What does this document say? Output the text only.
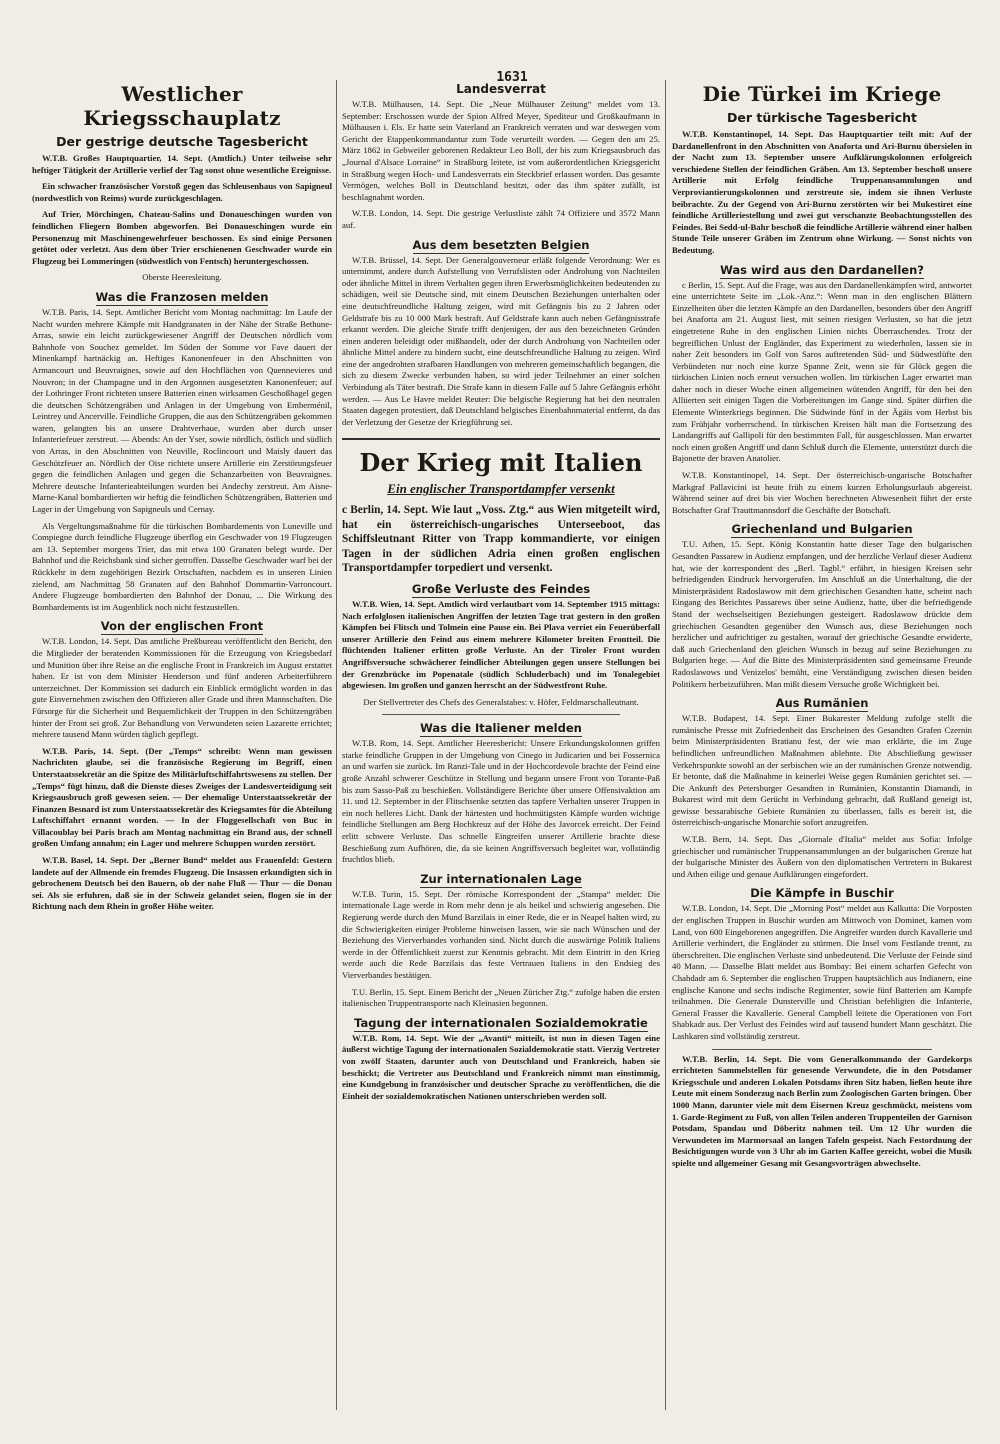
1631
Westlicher Kriegsschauplatz
Der gestrige deutsche Tagesbericht

W.T.B. Großes Hauptquartier, 14. Sept. (Amtlich.) Unter teilweise sehr heftiger Tätigkeit der Artillerie verlief der Tag sonst ohne wesentliche Ereignisse.

Ein schwacher französischer Vorstoß gegen das Schleusenhaus von Sapigneul (nordwestlich von Reims) wurde zurückgeschlagen.

Auf Trier, Mörchingen, Chateau-Salins und Donaueschingen wurden von feindlichen Fliegern Bomben abgeworfen. Bei Donaueschingen wurde ein Personenzug mit Maschinengewehrfeuer beschossen. Es sind einige Personen getötet oder verletzt. Aus dem über Trier erschienenen Geschwader wurde ein Flugzeug bei Lommeringen (südwestlich von Fentsch) heruntergeschossen.

Oberste Heeresleitung.

Was die Franzosen melden

W.T.B. Paris, 14. Sept. Amtlicher Bericht vom Montag nachmittag: Im Laufe der Nacht wurden mehrere Kämpfe mit Handgranaten in der Nähe der Straße Bethune-Arras, sowie ein leicht zurückgewiesener Angriff der Deutschen nördlich vom Bahnhofe von Souchez gemeldet. Im Süden der Somme vor Fave dauert der Minenkampf hartnäckig an. Heftiges Kanonenfeuer in den Abschnitten von Armancourt und Beuvraignes, sowie auf den Hochflächen von Quennevieres und Nouvron; in der Champagne und in den Argonnen ausgesetzten Kanonenfeuer; auf der Lothringer Front richteten unsere Batterien einen wirksamen Geschoßhagel gegen die deutschen Schützengräben und Anlagen in der Umgebung von Emberménil, Leintrey und Ancerville. Feindliche Gruppen, die aus den Schützengräben gekommen waren, gelangten bis an unsere Drahtverhaue, wurden aber durch unser Infanteriefeuer zerstreut. — Abends: An der Yser, sowie nördlich, östlich und südlich von Arras, in den Abschnitten von Neuville, Roclincourt und Maisly dauert das Geschützfeuer an. Nördlich der Oise richtete unsere Artillerie ein Zerstörungsfeuer gegen die feindlichen Anlagen und gegen die Schanzarbeiten von Beuvraignes. Mehrere deutsche Infanterieabteilungen wurden bei Andechy zerstreut. Am Aisne-Marne-Kanal bombardierten wir heftig die feindlichen Schützengräben, Batterien und Lager in der Umgebung von Sapigneuls und Cernay.

Als Vergeltungsmaßnahme für die türkischen Bombardements von Luneville und Compiegne durch feindliche Flugzeuge überflog ein Geschwader von 19 Flugzeugen am 13. September morgens Trier, das mit etwa 100 Granaten belegt wurde. Der Bahnhof und die Reichsbank sind sicher getroffen. Dasselbe Geschwader warf bei der Rückkehr in dem zugehörigen Bezirk Ortschaften, nachdem es in unseren Linien zielend, am Nachmittag 58 Granaten auf den Bahnhof Dommartin-Varroncourt. Andere Flugzeuge bombardierten den Bahnhof der Donau, ... Die Wirkung des Bombardements ist im Augenblick noch nicht festzustellen.

Von der englischen Front

W.T.B. London, 14. Sept. Das amtliche Preßbureau veröffentlicht den Bericht, den die Mitglieder der beratenden Kommissionen für die Erzeugung von Kriegsbedarf und Munition über ihre Reise an die englische Front in Frankreich im August erstattet haben. Er ist von dem Minister Henderson und fünf anderen Arbeiterführern unterzeichnet. Der Kommission sei dadurch ein Einblick ermöglicht worden in das gute Einvernehmen zwischen den Offizieren aller Grade und ihren Mannschaften. Die Fürsorge für die Sicherheit und Bequemlichkeit der Truppen in den Schützengräben hinter der Front sei groß. Zur Behandlung von Verwundeten seien Lazarette errichtet; mehrere tausend Mann würden täglich gepflegt.

W.T.B. Paris, 14. Sept. (Der „Temps“ schreibt: Wenn man gewissen Nachrichten glaube, sei die französische Regierung im Begriff, einen Unterstaatssekretär an die Spitze des Militärluftschiffahrtswesens zu stellen. Der „Temps“ fügt hinzu, daß die Dienste dieses Zweiges der Landesverteidigung seit Kriegsausbruch groß gewesen seien. — Der ehemalige Unterstaatssekretär der Finanzen Besnard ist zum Unterstaatssekretär des Kriegsamtes für die Abteilung Luftschiffahrt ernannt worden. — In der Fluggesellschaft von Buc in Villacoublay bei Paris brach am Montag nachmittag ein Brand aus, der schnell großen Umfang annahm; ein Lager und mehrere Schuppen wurden zerstört.

W.T.B. Basel, 14. Sept. Der „Berner Bund“ meldet aus Frauenfeld: Gestern landete auf der Allmende ein fremdes Flugzeug. Die Insassen erkundigten sich in gebrochenem Deutsch bei den Bauern, ob der nahe Fluß — Thur — die Donau sei. Als sie erfuhren, daß sie in der Schweiz gelandet seien, flogen sie in der Richtung nach dem Rhein in großer Höhe weiter.

Landesverrat

W.T.B. Mülhausen, 14. Sept. Die „Neue Mülhauser Zeitung“ meldet vom 13. September: Erschossen wurde der Spion Alfred Meyer, Spediteur und Großkaufmann in Mülhausen i. Els. Er hatte sein Vaterland an Frankreich verraten und war deswegen vom Gericht der Etappenkommandantur zum Tode verurteilt worden. — Gegen den am 25. März 1862 in Gebweiler geborenen Redakteur Leo Boll, der bis zum Kriegsausbruch das „Journal d'Alsace Lorraine“ in Straßburg leitete, ist vom außerordentlichen Kriegsgericht in Straßburg wegen Hoch- und Landesverrats ein Steckbrief erlassen worden. Das gesamte Vermögen, welches Boll in Deutschland besitzt, oder das ihm später zufällt, ist beschlagnahmt worden.

W.T.B. London, 14. Sept. Die gestrige Verlustliste zählt 74 Offiziere und 3572 Mann auf.

Aus dem besetzten Belgien

W.T.B. Brüssel, 14. Sept. Der Generalgouverneur erläßt folgende Verordnung: Wer es unternimmt, andere durch Aufstellung von Verrufslisten oder Androhung von Nachteilen oder ähnliche Mittel in ihrem Verhalten gegen ihren Erwerbsmöglichkeiten bedeutenden zu schädigen, weil sie Deutsche sind, mit einem Deutschen Beziehungen unterhalten oder eine deutschfreundliche Haltung zeigen, wird mit Gefängnis bis zu 2 Jahren oder Geldstrafe bis zu 10 000 Mark bestraft. Auf Geldstrafe kann auch neben Gefängnisstrafe erkannt werden. Die gleiche Strafe trifft denjenigen, der aus den bezeichneten Gründen einen anderen beleidigt oder mißhandelt, oder der durch Androhung von Nachteilen oder ähnliche Mittel andere zu hindern sucht, eine deutschfreundliche Haltung zu zeigen. Wird eine der angedrohten strafbaren Handlungen von mehreren gemeinschaftlich begangen, die sich zu diesem Zwecke verbunden haben, so wird jeder Teilnehmer an einer solchen Verbindung als Täter bestraft. Die Strafe kann in diesem Falle auf 5 Jahre Gefängnis erhöht werden. — Aus Le Havre meldet Reuter: Die belgische Regierung hat bei den neutralen Staaten dagegen protestiert, daß Deutschland belgisches Eisenbahnmaterial entfernt, da das der Verletzung der Gesetze der Kriegführung sei.

Der Krieg mit Italien
Ein englischer Transportdampfer versenkt
c Berlin, 14. Sept. Wie laut „Voss. Ztg.“ aus Wien mitgeteilt wird, hat ein österreichisch-ungarisches Unterseeboot, das Schiffsleutnant Ritter von Trapp kommandierte, vor einigen Tagen in der südlichen Adria einen großen englischen Transportdampfer torpediert und versenkt.
Große Verluste des Feindes

W.T.B. Wien, 14. Sept. Amtlich wird verlautbart vom 14. September 1915 mittags: Nach erfolglosen italienischen Angriffen der letzten Tage trat gestern in den großen Kämpfen bei Flitsch und Tolmein eine Pause ein. Bei Plava verriet ein Feuerüberfall unserer Artillerie den Feind aus einem mehrere Kilometer breiten Frontteil. Die flüchtenden Italiener erlitten große Verluste. An der Tiroler Front wurden Angriffsversuche schwächerer feindlicher Abteilungen gegen unsere Stellungen bei der Grenzbrücke im Popenatale (südlich Schluderbach) und im Tonalegebiet abgewiesen. Im großen und ganzen herrscht an der Südwestfront Ruhe.

Der Stellvertreter des Chefs des Generalstabes: v. Höfer, Feldmarschalleutnant.

Was die Italiener melden

W.T.B. Rom, 14. Sept. Amtlicher Heeresbericht: Unsere Erkundungskolonnen griffen starke feindliche Gruppen in der Umgebung von Cinego in Judicarien und bei Fossernica an und warfen sie zurück. Im Ranzi-Tale und in der Hochcordevole brachte der Feind eine große Anzahl schwerer Geschütze in Stellung und begann unsere Front von Torante-Paß bis zum Sasso-Paß zu beschießen. Vollständigere Berichte über unsere Offensivaktion am 11. und 12. September in der Flitschsenke setzten das tapfere Verhalten unserer Truppen in ein noch helleres Licht. Dank der härtesten und hochmütigsten Kämpfe wurden wichtige feindliche Stellungen am Berg Hochkreuz auf der Höhe des Javorcek erreicht. Der Feind erlitt schwere Verluste. Das schnelle Eingreifen unserer Artillerie brachte diese Beschießung zum Aufhören, die, da sie keinen Angriffsversuch begleitet war, vollständig fruchtlos blieb.

Zur internationalen Lage

W.T.B. Turin, 15. Sept. Der römische Korrespondent der „Stampa“ meldet: Die internationale Lage werde in Rom mehr denn je als heikel und schwierig angesehen. Die Regierung werde durch den Mund Barzilais in einer Rede, die er in Neapel halten wird, zu die Schwierigkeiten einiger Probleme hinweisen lassen, wie sie nach Wünschen und der Beziehung des Vierverbandes vorhanden sind. Nicht durch die auswärtige Politik Italiens werde in der Öffentlichkeit zuerst zur Kenntnis gebracht. Mit dem Eintritt in den Krieg werde auch die Rede Barzilais das feste Vertrauen Italiens in den Endsieg des Vierverbandes bestätigen.

T.U. Berlin, 15. Sept. Einem Bericht der „Neuen Züricher Ztg.“ zufolge haben die ersten italienischen Truppentransporte nach Kleinasien begonnen.

Tagung der internationalen Sozialdemokratie

W.T.B. Rom, 14. Sept. Wie der „Avanti“ mitteilt, ist nun in diesen Tagen eine äußerst wichtige Tagung der internationalen Sozialdemokratie statt. Vierzig Vertreter von zwölf Staaten, darunter auch von Deutschland und Frankreich, haben sie beschickt; die Vertreter aus Deutschland und Frankreich nimmt man einstimmig, eine Kundgebung in französischer und deutscher Sprache zu veröffentlichen, die die Einheit der sozialdemokratischen Nationen unterschrieben werden soll.

Die Türkei im Kriege
Der türkische Tagesbericht

W.T.B. Konstantinopel, 14. Sept. Das Hauptquartier teilt mit: Auf der Dardanellenfront in den Abschnitten von Anaforta und Ari-Burnu übersielen in der Nacht zum 13. September unsere Aufklärungskolonnen erfolgreich verschiedene Stellen der feindlichen Gräben. Am 13. September beschoß unsere Artillerie mit Erfolg feindliche Truppenansammlungen und Verproviantierungskolonnen und zerstreute sie, indem sie ihnen Verluste beibrachte. Zu der Gegend von Ari-Burnu zerstörten wir bei Mukestiret eine feindliche Artilleriestellung und zwei gut verschanzte Beobachtungsstellen des Feindes. Bei Sedd-ul-Bahr beschoß die feindliche Artillerie während einer halben Stunde Teile unserer Gräben im Zentrum ohne Wirkung. — Sonst nichts von Bedeutung.

Was wird aus den Dardanellen?

c Berlin, 15. Sept. Auf die Frage, was aus den Dardanellenkämpfen wird, antwortet eine unterrichtete Seite im „Lok.-Anz.“: Wenn man in den englischen Blättern Einzelheiten über die letzten Kämpfe an den Dardanellen, besonders über den Angriff bei Anaforta am 21. August liest, mit seinen riesigen Verlusten, so hat die jetzt eingetretene Ruhe in den englischen Linien nichts Überraschendes. Trotz der begreiflichen Unlust der Engländer, das Experiment zu wiederholen, lassen sie in naher Zeit besonders im Golf von Saros auftretenden Süd- und Südwestlüfte den Verbündeten nur noch eine kurze Spanne Zeit, wenn sie für Glück gegen die türkischen Linien noch erneut versuchen wollen. Im türkischen Lager erwartet man daher noch in dieser Woche einen allgemeinen wütenden Angriff, für den bei den Alliierten seit einigen Tagen die Vorbereitungen im Gange sind. Später dürften die Elemente Winterkriegs beginnen. Die Südwinde fünf in der Ägäis vom Herbst bis zum Frühjahr vorherrschend. In türkischen Kreisen hält man die Fortsetzung des Landangriffs auf Gallipoli für den bestimmten Fall, für ausgeschlossen. Man erwartet noch einen großen Angriff und dann Schluß durch die Elemente, unterstützt durch die Bajonette der braven Anatolier.

W.T.B. Konstantinopel, 14. Sept. Der österreichisch-ungarische Botschafter Markgraf Pallavicini ist heute früh zu einem kurzen Erholungsurlaub abgereist. Während seiner auf drei bis vier Wochen berechneten Abwesenheit führt der erste Botschafter Graf Trauttmannsdorf die Geschäfte der Botschaft.

Griechenland und Bulgarien

T.U. Athen, 15. Sept. König Konstantin hatte dieser Tage den bulgarischen Gesandten Passarew in Audienz empfangen, und der herzliche Verlauf dieser Audienz hat, wie der korrespondent des „Berl. Tagbl.“ erfährt, in hiesigen Kreisen sehr befriedigenden Eindruck hervorgerufen. Im Anschluß an die Unterhaltung, die der Ministerpräsident Radoslawow mit dem griechischen Gesandten hatte, scheint nach Eingang des Berichtes Passarews über seine Audienz, hatte, über die befriedigende Stand der wechselseitigen Beziehungen gesteigert. Radoslawow drückte dem griechischen Gesandten gegenüber den Wunsch aus, diese Beziehungen noch herzlicher und aufrichtiger zu gestalten, worauf der griechische Gesandte erwiderte, daß auch Griechenland den gleichen Wunsch in bezug auf seine Beziehungen zu Bulgarien hege. — Auf die Bitte des Ministerpräsidenten sind gemeinsame Freunde Radoslawows und Venizelos' bemüht, eine Verständigung zwischen diesen beiden Politikern herbeizuführen. Man mißt diesem Versuche große Wichtigkeit bei.

Aus Rumänien

W.T.B. Budapest, 14. Sept. Einer Bukarester Meldung zufolge stellt die rumänische Presse mit Zufriedenheit das Erscheinen des Gesandten Grafen Czernin beim Ministerpräsidenten Bratianu fest, der wie man erklärte, die im Zuge befindlichen unfreundlichen Maßnahmen ablehnte. Die Abschließung gewisser Verkehrspunkte sowohl an der serbischen wie an der rumänischen Grenze notwendig. Er betonte, daß die Maßnahme in keinerlei Weise gegen Rumänien gerichtet sei. — Die Ankunft des Petersburger Gesandten in Rumänien, Konstantin Diamandi, in Bukarest wird mit dem Gerücht in Verbindung gebracht, daß Rußland geneigt ist, gewisse bessarabische Gebiete Rumänien zu überlassen, falls es bereit ist, die österreichisch-ungarische Monarchie sofort anzugreifen.

W.T.B. Bern, 14. Sept. Das „Giornale d'Italia“ meldet aus Sofia: Infolge griechischer und rumänischer Truppenansammlungen an der bulgarischen Grenze hat der bulgarische Minister des Äußern von den diplomatischen Vertretern in Bukarest und Athen eilige und genaue Aufklärungen eingefordert.

Die Kämpfe in Buschir

W.T.B. London, 14. Sept. Die „Morning Post“ meldet aus Kalkutta: Die Vorposten der englischen Truppen in Buschir wurden am Mittwoch von Dominet, kamen vom Land, von 600 Eingeborenen angegriffen. Die Angreifer wurden durch Kavallerie und Artillerie verhindert, die Engländer zu stürmen. Die Insel vom Festlande trennt, zu überschreiten. Die englischen Verluste sind unbedeutend. Die Verluste der Feinde sind 40 Mann. — Dasselbe Blatt meldet aus Bombay: Bei einem scharfen Gefecht von Chahdadr am 6. September die englischen Truppen hauptsächlich aus Indianern, eine englische Kanone und sechs indische Regimenter, sowie fünf Batterien am Kampfe teilnahmen. Die Generale Dunsterville und Christian befehligten die Infanterie, General Frasser die Kavallerie. General Campbell leitete die Operationen von Fort Shabkadr aus. Der Verlust des Feindes wird auf tausend hundert Mann geschätzt. Die Lashkaren sind vollständig zerstreut.

W.T.B. Berlin, 14. Sept. Die vom Generalkommando der Gardekorps errichteten Sammelstellen für genesende Verwundete, die in den Potsdamer Kriegsschule und anderen Lokalen Potsdams ihren Sitz haben, ließen heute ihre Leute mit einem Sonderzug nach Berlin zum Zoologischen Garten bringen. Über 1000 Mann, darunter viele mit dem Eisernen Kreuz geschmückt, meistens vom 1. Garde-Regiment zu Fuß, von allen Teilen anderen Truppenteilen der Garnison Potsdam, Spandau und Döberitz nahmen teil. Um 12 Uhr wurden die Verwundeten im Marmorsaal an langen Tafeln gespeist. Nach Festordnung der Besichtigungen wurde von 3 Uhr ab im Garten Kaffee gereicht, wobei die Musik spielte und allgemeiner Gesang mit Gesangsvorträgen abwechselte.
